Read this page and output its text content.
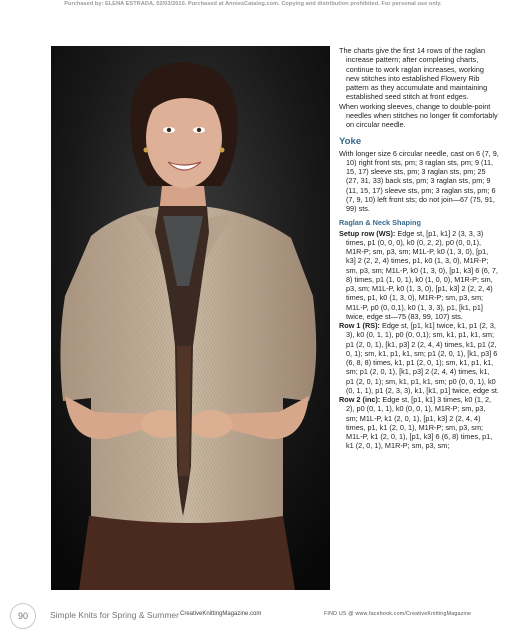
Purchased by: ELENA ESTRADA, 02/03/2010. Purchased at AnniesCatalog.com. Copying and distribution prohibited. For personal use only.

The charts give the first 14 rows of the raglan increase pattern; after completing charts, continue to work raglan increases, working new stitches into established Flowery Rib pattern as they accumulate and maintaining established seed stitch at front edges.

When working sleeves, change to double-point needles when stitches no longer fit comfortably on circular needle.

Yoke

With longer size 6 circular needle, cast on 6 (7, 9, 10) right front sts, pm; 3 raglan sts, pm; 9 (11, 15, 17) sleeve sts, pm; 3 raglan sts, pm; 25 (27, 31, 33) back sts, pm; 3 raglan sts, pm; 9 (11, 15, 17) sleeve sts, pm; 3 raglan sts, pm; 6 (7, 9, 10) left front sts; do not join—67 (75, 91, 99) sts.

Raglan & Neck Shaping

Setup row (WS): Edge st, [p1, k1] 2 (3, 3, 3) times, p1 (0, 0, 0), k0 (0, 2, 2), p0 (0, 0,1), M1R-P; sm, p3, sm; M1L-P, k0 (1, 3, 0), [p1, k3] 2 (2, 2, 4) times, p1, k0 (1, 3, 0), M1R-P; sm, p3, sm; M1L-P, k0 (1, 3, 0), [p1, k3] 6 (6, 7, 8) times, p1 (1, 0, 1), k0 (1, 0, 0), M1R-P; sm, p3, sm; M1L-P, k0 (1, 3, 0), [p1, k3] 2 (2, 2, 4) times, p1, k0 (1, 3, 0), M1R-P; sm, p3, sm; M1L-P, p0 (0, 0,1), k0 (1, 3, 3), p1, [k1, p1] twice, edge st—75 (83, 99, 107) sts.

Row 1 (RS): Edge st, [p1, k1] twice, k1, p1 (2, 3, 3), k0 (0, 1, 1), p0 (0, 0,1); sm, k1, p1, k1, sm; p1 (2, 0, 1), [k1, p3] 2 (2, 4, 4) times, k1, p1 (2, 0, 1); sm, k1, p1, k1, sm; p1 (2, 0, 1), [k1, p3] 6 (6, 8, 8) times, k1, p1 (2, 0, 1); sm, k1, p1, k1, sm; p1 (2, 0, 1), [k1, p3] 2 (2, 4, 4) times, k1, p1 (2, 0, 1); sm, k1, p1, k1, sm; p0 (0, 0, 1), k0 (0, 1, 1), p1 (2, 3, 3), k1, [k1, p1] twice, edge st.

Row 2 (inc): Edge st, [p1, k1] 3 times, k0 (1, 2, 2), p0 (0, 1, 1), k0 (0, 0, 1), M1R-P; sm, p3, sm; M1L-P, k1 (2, 0, 1), [p1, k3] 2 (2, 4, 4) times, p1, k1 (2, 0, 1), M1R-P; sm, p3, sm; M1L-P, k1 (2, 0, 1), [p1, k3] 6 (6, 8) times, p1, k1 (2, 0, 1), M1R-P; sm, p3, sm;

90	Simple Knits for Spring & Summer CreativeKnittingMagazine.com	FIND US @ www.facebook.com/CreativeKnittingMagazine
